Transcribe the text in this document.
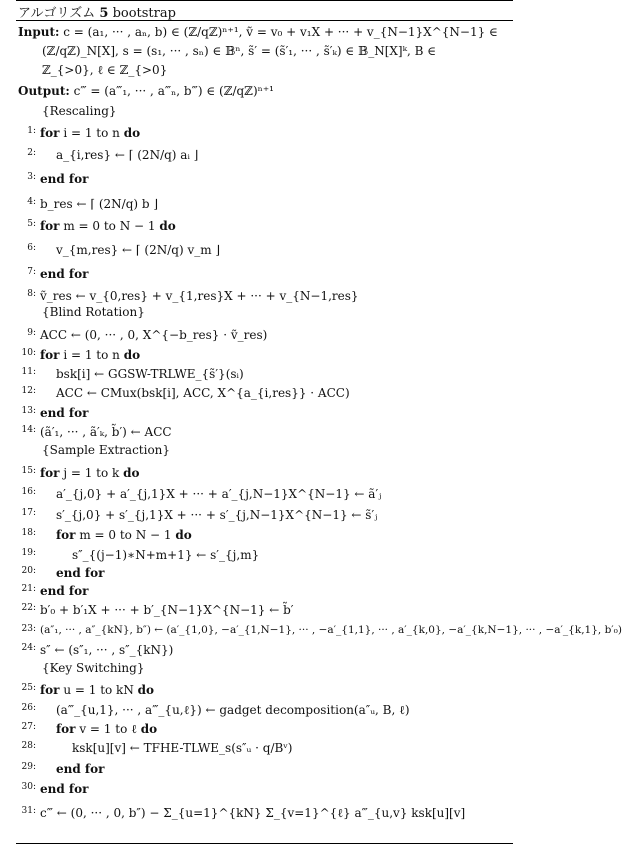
アルゴリズム 5 bootstrap
Input: c = (a₁, ··· , aₙ, b) ∈ (ℤ/qℤ)ⁿ⁺¹, ṽ = v₀ + v₁X + ··· + v_{N−1}X^{N−1} ∈
(ℤ/qℤ)_N[X], s = (s₁, ··· , sₙ) ∈ 𝔹ⁿ, s̃′ = (s̃′₁, ··· , s̃′ₖ) ∈ 𝔹_N[X]ᵏ, B ∈
ℤ_{>0}, ℓ ∈ ℤ_{>0}
Output: c‴ = (a‴₁, ··· , a‴ₙ, b‴) ∈ (ℤ/qℤ)ⁿ⁺¹
{Rescaling}
{Blind Rotation}
{Sample Extraction}
{Key Switching}
1: for i = 1 to n do
2: a_{i,res} ← ⌈ (2N/q) aᵢ ⌋
3: end for
4: b_res ← ⌈ (2N/q) b ⌋
5: for m = 0 to N − 1 do
6: v_{m,res} ← ⌈ (2N/q) v_m ⌋
7: end for
8: ṽ_res ← v_{0,res} + v_{1,res}X + ··· + v_{N−1,res}
9: ACC ← (0, ··· , 0, X^{−b_res} · ṽ_res)
10: for i = 1 to n do
11: bsk[i] ← GGSW-TRLWE_{s̃′}(sᵢ)
12: ACC ← CMux(bsk[i], ACC, X^{a_{i,res}} · ACC)
13: end for
14: (ã′₁, ··· , ã′ₖ, b̃′) ← ACC
15: for j = 1 to k do
16: a′_{j,0} + a′_{j,1}X + ··· + a′_{j,N−1}X^{N−1} ← ã′ⱼ
17: s′_{j,0} + s′_{j,1}X + ··· + s′_{j,N−1}X^{N−1} ← s̃′ⱼ
18: for m = 0 to N − 1 do
19:	s″_{(j−1)∗N+m+1} ← s′_{j,m}
20: end for
21: end for
22: b′₀ + b′₁X + ··· + b′_{N−1}X^{N−1} ← b̃′
23: (a″₁, ··· , a″_{kN}, b″) ← (a′_{1,0}, −a′_{1,N−1}, ··· , −a′_{1,1}, ··· , a′_{k,0}, −a′_{k,N−1}, ··· , −a′_{k,1}, b′₀)
24: s″ ← (s″₁, ··· , s″_{kN})
25: for u = 1 to kN do
26: (a‴_{u,1}, ··· , a‴_{u,ℓ}) ← gadget decomposition(a″ᵤ, B, ℓ)
27: for v = 1 to ℓ do
28:	ksk[u][v] ← TFHE-TLWE_s(s″ᵤ · q/Bᵛ)
29: end for
30: end for
31: c‴ ← (0, ··· , 0, b″) − Σ_{u=1}^{kN} Σ_{v=1}^{ℓ} a‴_{u,v} ksk[u][v]
